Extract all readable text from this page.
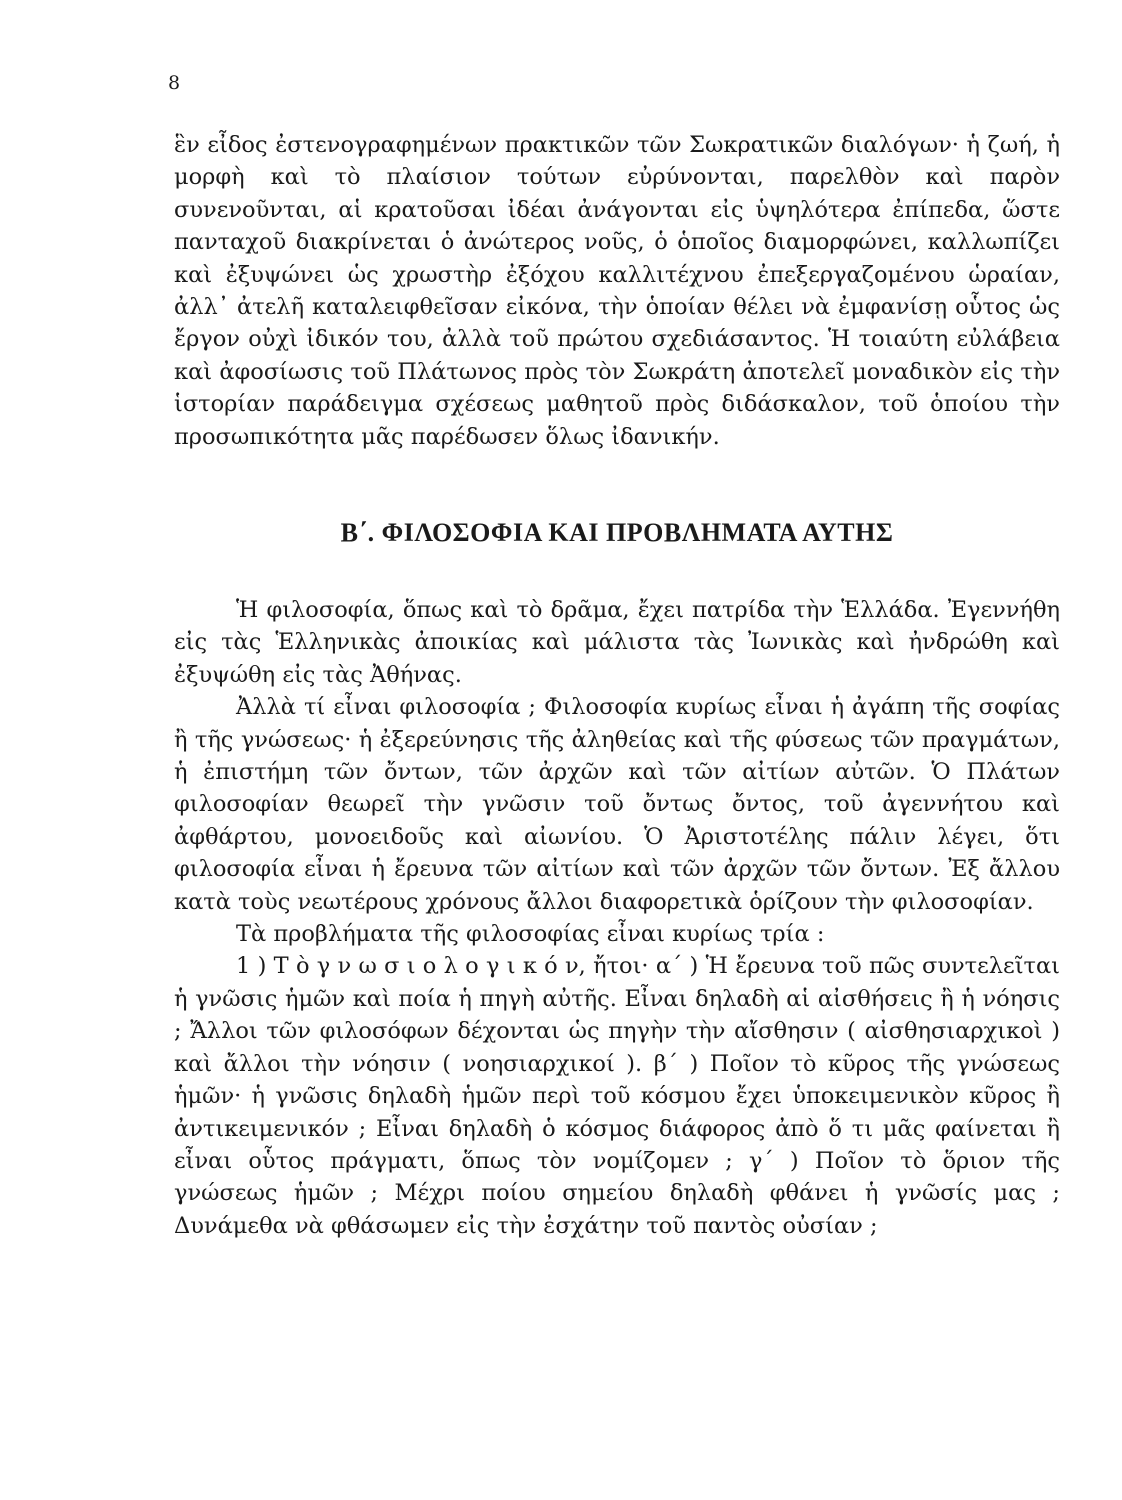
8

ἓν εἶδος ἐστενογραφημένων πρακτικῶν τῶν Σωκρατικῶν διαλόγων· ἡ ζωή, ἡ μορφὴ καὶ τὸ πλαίσιον τούτων εὐρύνονται, παρελθὸν καὶ παρὸν συνενοῦνται, αἱ κρατοῦσαι ἰδέαι ἀνάγονται εἰς ὑψηλότερα ἐπίπεδα, ὥστε πανταχοῦ διακρίνεται ὁ ἀνώτερος νοῦς, ὁ ὁποῖος διαμορφώνει, καλλωπίζει καὶ ἐξυψώνει ὡς χρωστὴρ ἐξόχου καλλιτέχνου ἐπεξεργαζομένου ὡραίαν, ἀλλ᾽ ἀτελῆ καταλειφθεῖσαν εἰκόνα, τὴν ὁποίαν θέλει νὰ ἐμφανίσῃ οὗτος ὡς ἔργον οὐχὶ ἰδικόν του, ἀλλὰ τοῦ πρώτου σχεδιάσαντος. Ἡ τοιαύτη εὐλάβεια καὶ ἀφοσίωσις τοῦ Πλάτωνος πρὸς τὸν Σωκράτη ἀποτελεῖ μοναδικὸν εἰς τὴν ἱστορίαν παράδειγμα σχέσεως μαθητοῦ πρὸς διδάσκαλον, τοῦ ὁποίου τὴν προσωπικότητα μᾶς παρέδωσεν ὅλως ἰδανικήν.

Β΄. ΦΙΛΟΣΟΦΙΑ ΚΑΙ ΠΡΟΒΛΗΜΑΤΑ ΑΥΤΗΣ

Ἡ φιλοσοφία, ὅπως καὶ τὸ δρᾶμα, ἔχει πατρίδα τὴν Ἑλλάδα. Ἐγεννήθη εἰς τὰς Ἑλληνικὰς ἀποικίας καὶ μάλιστα τὰς Ἰωνικὰς καὶ ἠνδρώθη καὶ ἐξυψώθη εἰς τὰς Ἀθήνας.

Ἀλλὰ τί εἶναι φιλοσοφία ; Φιλοσοφία κυρίως εἶναι ἡ ἀγάπη τῆς σοφίας ἢ τῆς γνώσεως· ἡ ἐξερεύνησις τῆς ἀληθείας καὶ τῆς φύσεως τῶν πραγμάτων, ἡ ἐπιστήμη τῶν ὄντων, τῶν ἀρχῶν καὶ τῶν αἰτίων αὐτῶν. Ὁ Πλάτων φιλοσοφίαν θεωρεῖ τὴν γνῶσιν τοῦ ὄντως ὄντος, τοῦ ἀγεννήτου καὶ ἀφθάρτου, μονοειδοῦς καὶ αἰωνίου. Ὁ Ἀριστοτέλης πάλιν λέγει, ὅτι φιλοσοφία εἶναι ἡ ἔρευνα τῶν αἰτίων καὶ τῶν ἀρχῶν τῶν ὄντων. Ἐξ ἄλλου κατὰ τοὺς νεωτέρους χρόνους ἄλλοι διαφορετικὰ ὁρίζουν τὴν φιλοσοφίαν.

Τὰ προβλήματα τῆς φιλοσοφίας εἶναι κυρίως τρία :

1 ) Τ ὸ γ ν ω σ ι ο λ ο γ ι κ ό ν, ἤτοι· α΄ ) Ἡ ἔρευνα τοῦ πῶς συντελεῖται ἡ γνῶσις ἡμῶν καὶ ποία ἡ πηγὴ αὐτῆς. Εἶναι δηλαδὴ αἱ αἰσθήσεις ἢ ἡ νόησις ; Ἄλλοι τῶν φιλοσόφων δέχονται ὡς πηγὴν τὴν αἴσθησιν ( αἰσθησιαρχικοὶ ) καὶ ἄλλοι τὴν νόησιν ( νοησιαρχικοί ). β΄ ) Ποῖον τὸ κῦρος τῆς γνώσεως ἡμῶν· ἡ γνῶσις δηλαδὴ ἡμῶν περὶ τοῦ κόσμου ἔχει ὑποκειμενικὸν κῦρος ἢ ἀντικειμενικόν ; Εἶναι δηλαδὴ ὁ κόσμος διάφορος ἀπὸ ὅ τι μᾶς φαίνεται ἢ εἶναι οὗτος πράγματι, ὅπως τὸν νομίζομεν ; γ΄ ) Ποῖον τὸ ὅριον τῆς γνώσεως ἡμῶν ; Μέχρι ποίου σημείου δηλαδὴ φθάνει ἡ γνῶσίς μας ; Δυνάμεθα νὰ φθάσωμεν εἰς τὴν ἐσχάτην τοῦ παντὸς οὐσίαν ;
